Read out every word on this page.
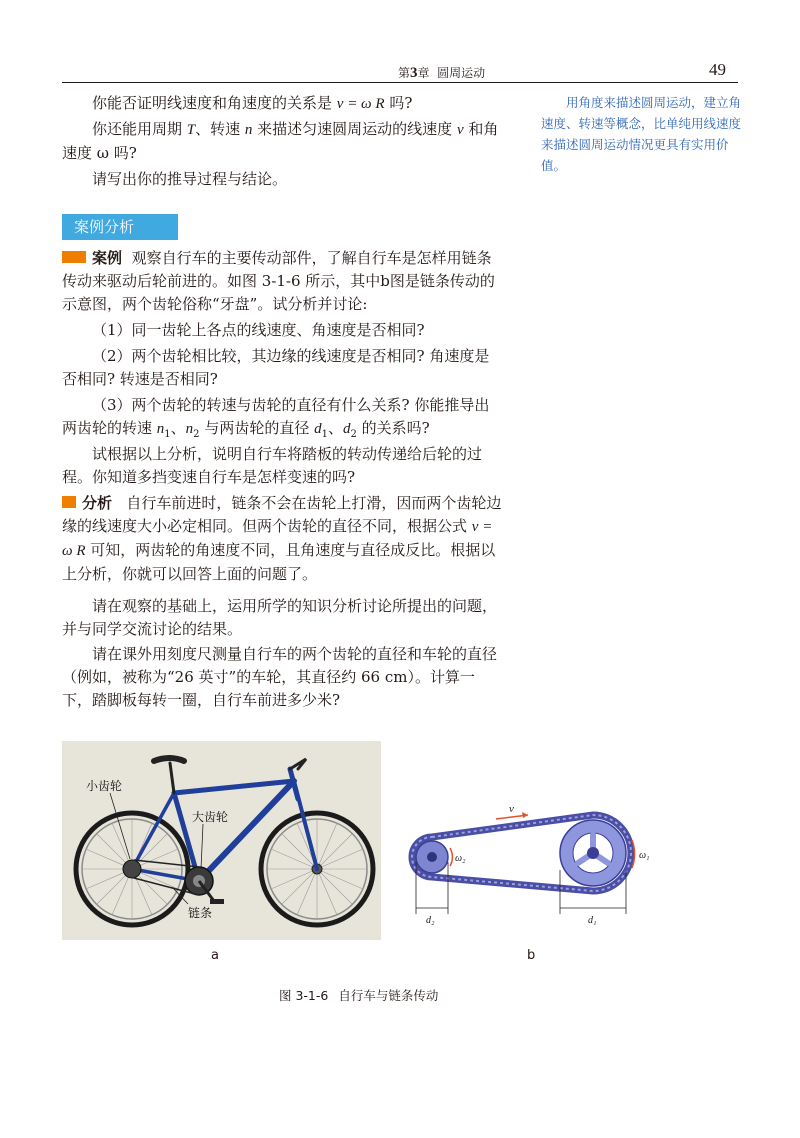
第3章 圆周运动	49

你能否证明线速度和角速度的关系是 v = ω R 吗?

你还能用周期 T、转速 n 来描述匀速圆周运动的线速度 v 和角速度 ω 吗?

请写出你的推导过程与结论。

用角度来描述圆周运动，建立角速度、转速等概念，比单纯用线速度来描述圆周运动情况更具有实用价值。

案例分析

案例 观察自行车的主要传动部件，了解自行车是怎样用链条传动来驱动后轮前进的。如图 3-1-6 所示，其中b图是链条传动的示意图，两个齿轮俗称“牙盘”。试分析并讨论:

（1）同一齿轮上各点的线速度、角速度是否相同?

（2）两个齿轮相比较，其边缘的线速度是否相同? 角速度是否相同? 转速是否相同?

（3）两个齿轮的转速与齿轮的直径有什么关系? 你能推导出两齿轮的转速 $n_1$、$n_2$ 与两齿轮的直径 $d_1$、$d_2$ 的关系吗?

试根据以上分析，说明自行车将踏板的转动传递给后轮的过程。你知道多挡变速自行车是怎样变速的吗?

分析 自行车前进时，链条不会在齿轮上打滑，因而两个齿轮边缘的线速度大小必定相同。但两个齿轮的直径不同，根据公式 v = ω R 可知，两齿轮的角速度不同，且角速度与直径成反比。根据以上分析，你就可以回答上面的问题了。

请在观察的基础上，运用所学的知识分析讨论所提出的问题，并与同学交流讨论的结果。

请在课外用刻度尺测量自行车的两个齿轮的直径和车轮的直径（例如，被称为“26 英寸”的车轮，其直径约 66 cm）。计算一下，踏脚板每转一圈，自行车前进多少米?

小齿轮
大齿轮
链条
v
ω₂	ω₁
d₂	d₁
a	b
图 3-1-6 自行车与链条传动
